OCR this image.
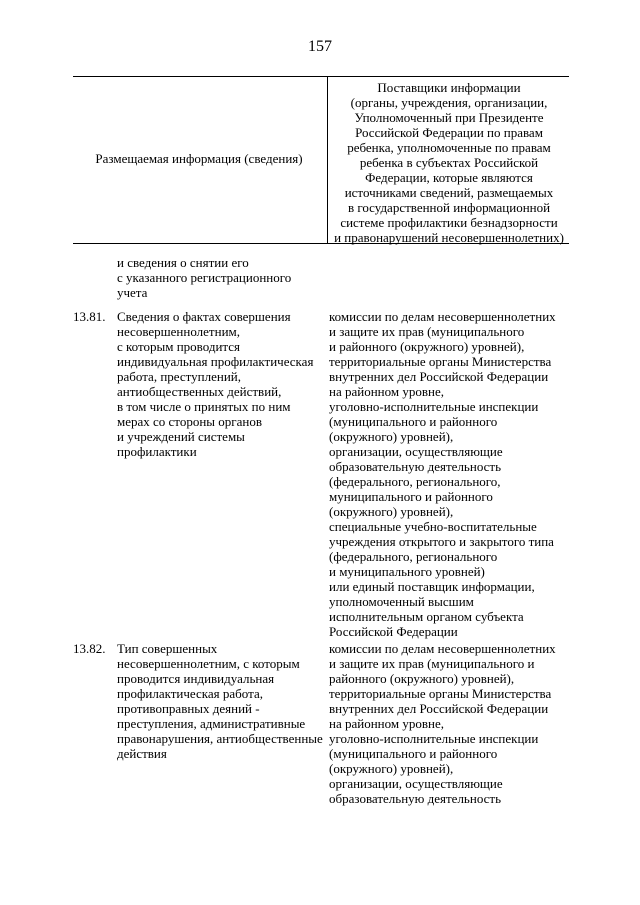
157
Размещаемая информация (сведения)
Поставщики информации
(органы, учреждения, организации,
Уполномоченный при Президенте
Российской Федерации по правам
ребенка, уполномоченные по правам
ребенка в субъектах Российской
Федерации, которые являются
источниками сведений, размещаемых
в государственной информационной
системе профилактики безнадзорности
и правонарушений несовершеннолетних)
и сведения о снятии его
с указанного регистрационного
учета
13.81. Сведения о фактах совершения
несовершеннолетним,
с которым проводится
индивидуальная профилактическая
работа, преступлений,
антиобщественных действий,
в том числе о принятых по ним
мерах со стороны органов
и учреждений системы
профилактики
комиссии по делам несовершеннолетних
и защите их прав (муниципального
и районного (окружного) уровней),
территориальные органы Министерства
внутренних дел Российской Федерации
на районном уровне,
уголовно-исполнительные инспекции
(муниципального и районного
(окружного) уровней),
организации, осуществляющие
образовательную деятельность
(федерального, регионального,
муниципального и районного
(окружного) уровней),
специальные учебно-воспитательные
учреждения открытого и закрытого типа
(федерального, регионального
и муниципального уровней)
или единый поставщик информации,
уполномоченный высшим
исполнительным органом субъекта
Российской Федерации
13.82. Тип совершенных
несовершеннолетним, с которым
проводится индивидуальная
профилактическая работа,
противоправных деяний -
преступления, административные
правонарушения, антиобщественные
действия
комиссии по делам несовершеннолетних
и защите их прав (муниципального и
районного (окружного) уровней),
территориальные органы Министерства
внутренних дел Российской Федерации
на районном уровне,
уголовно-исполнительные инспекции
(муниципального и районного
(окружного) уровней),
организации, осуществляющие
образовательную деятельность
